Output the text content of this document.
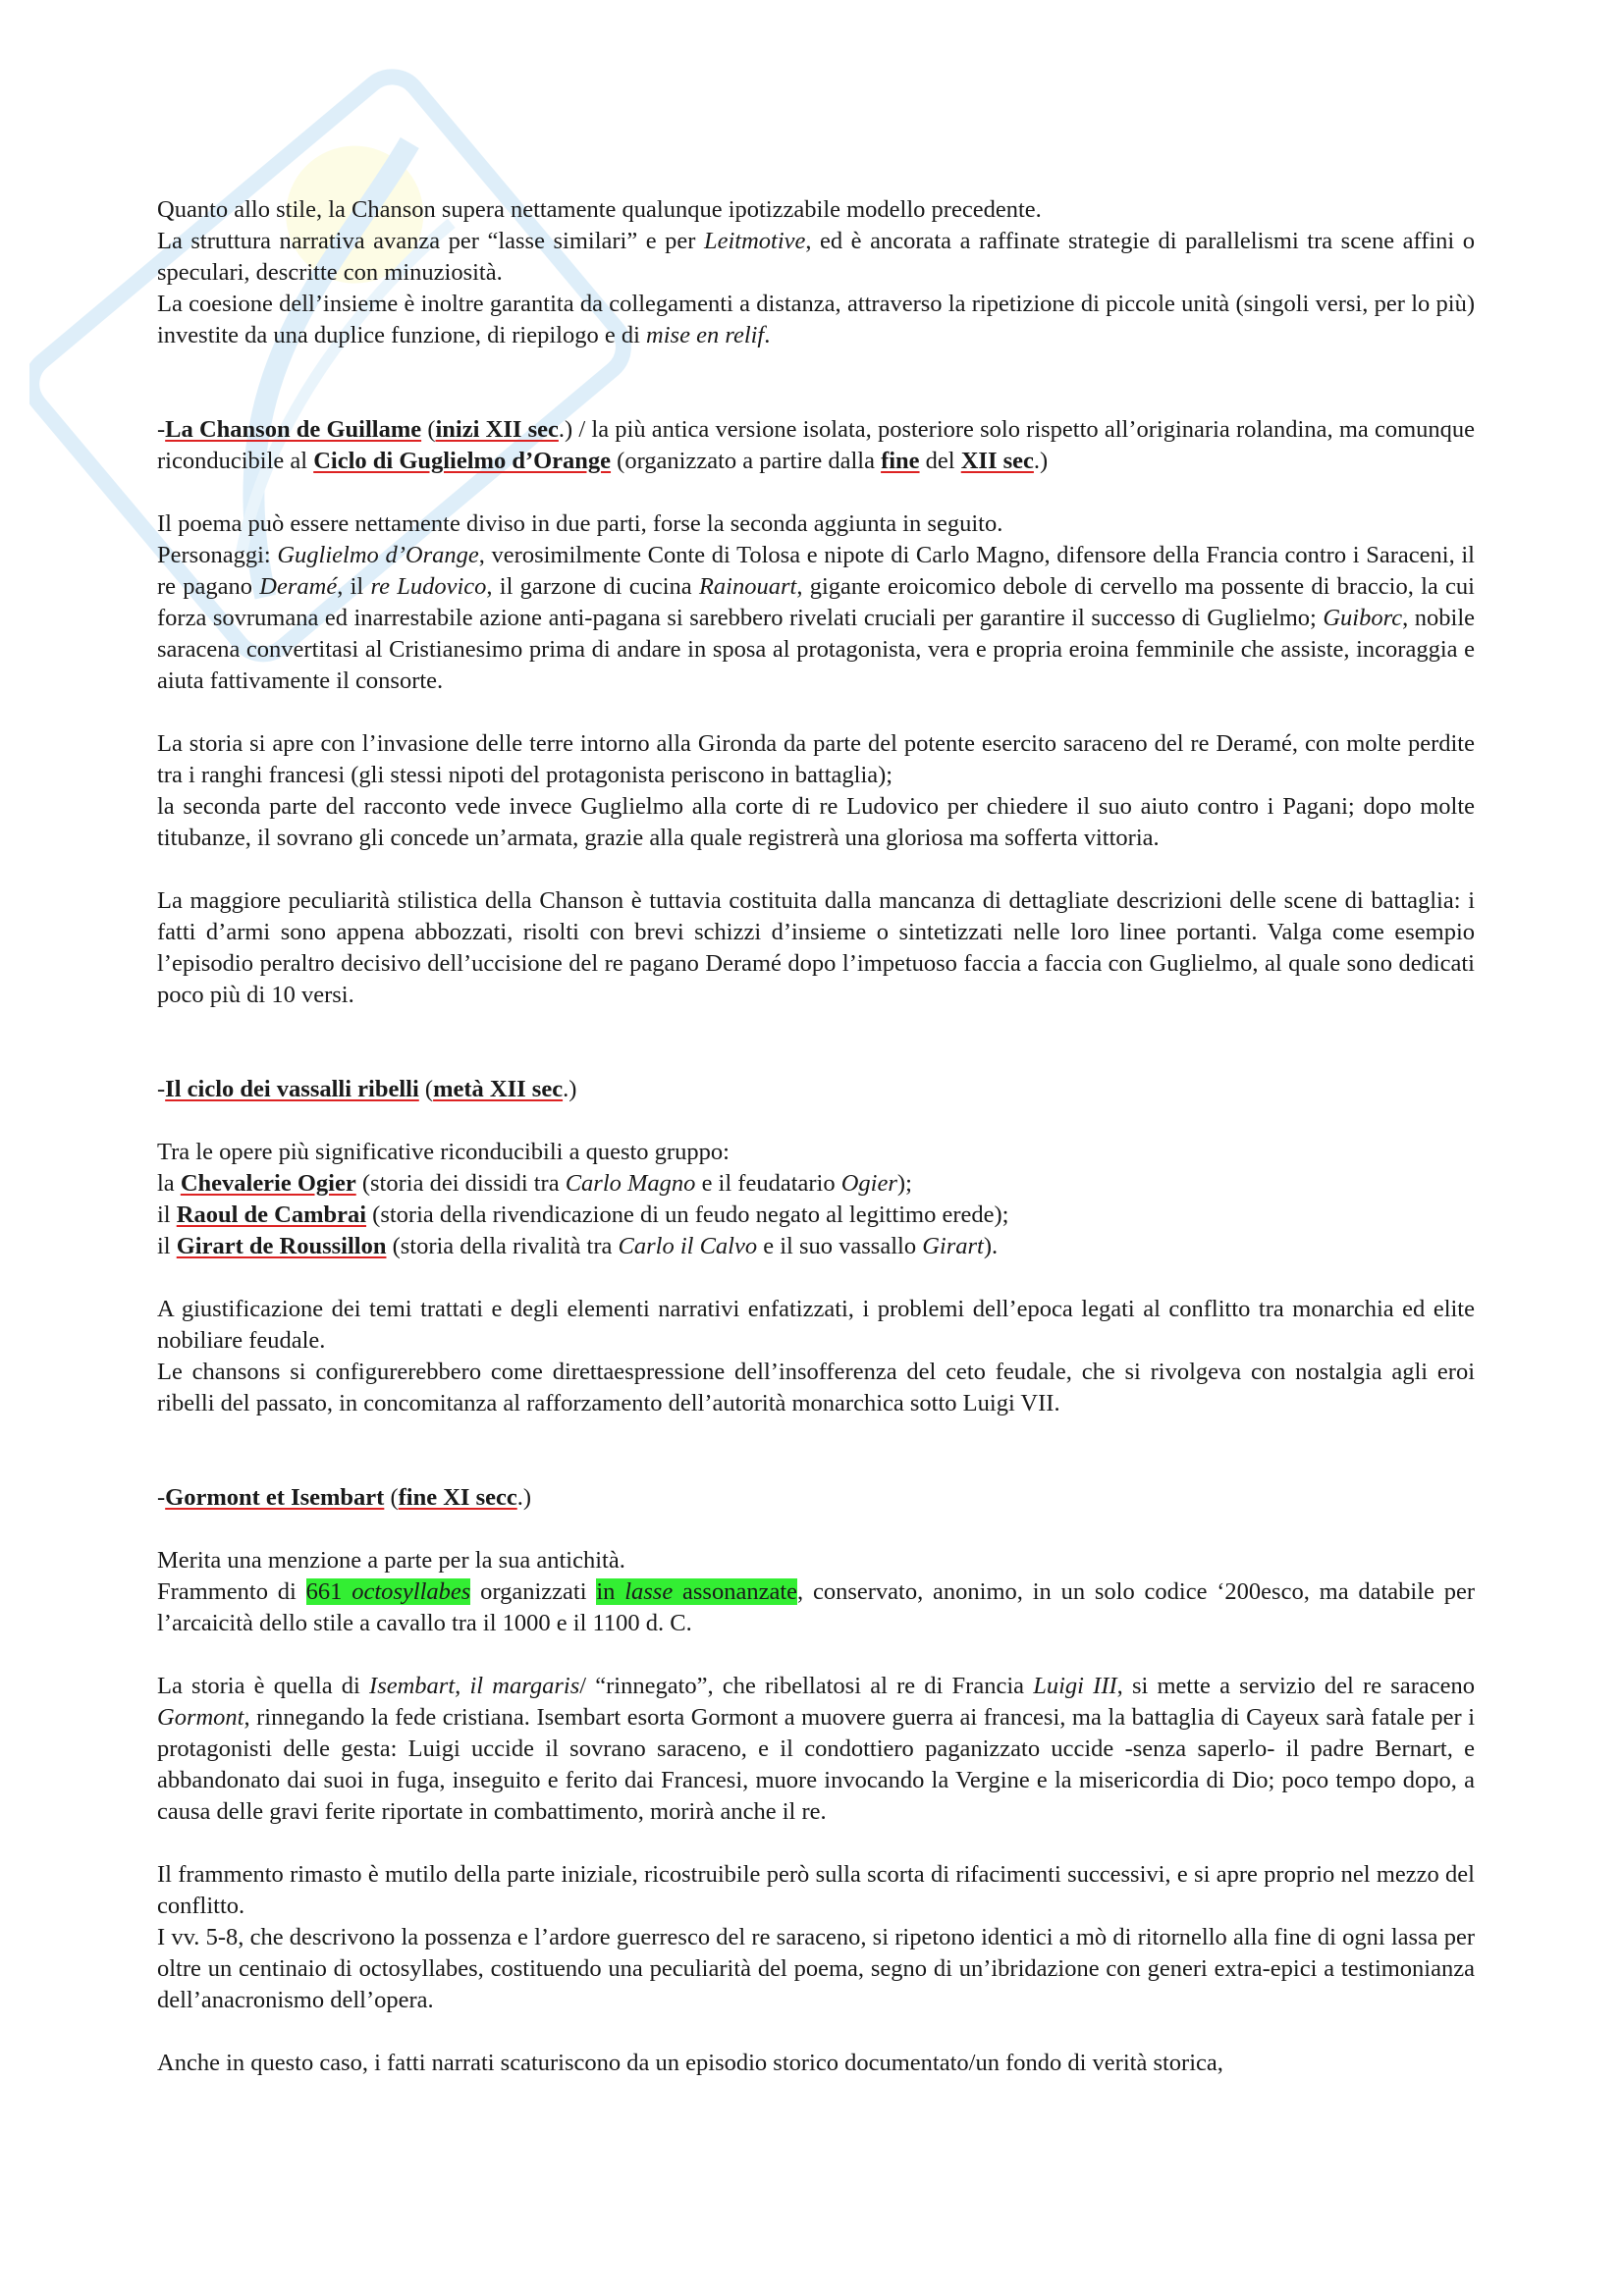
Quanto allo stile, la Chanson supera nettamente qualunque ipotizzabile modello precedente.
La struttura narrativa avanza per “lasse similari” e per Leitmotive, ed è ancorata a raffinate strategie di parallelismi tra scene affini o speculari, descritte con minuziosità.
La coesione dell’insieme è inoltre garantita da collegamenti a distanza, attraverso la ripetizione di piccole unità (singoli versi, per lo più) investite da una duplice funzione, di riepilogo e di mise en relif.

-La Chanson de Guillame (inizi XII sec.) / la più antica versione isolata, posteriore solo rispetto all’originaria rolandina, ma comunque riconducibile al Ciclo di Guglielmo d’Orange (organizzato a partire dalla fine del XII sec.)

Il poema può essere nettamente diviso in due parti, forse la seconda aggiunta in seguito.
Personaggi: Guglielmo d’Orange, verosimilmente Conte di Tolosa e nipote di Carlo Magno, difensore della Francia contro i Saraceni, il re pagano Deramé, il re Ludovico, il garzone di cucina Rainouart, gigante eroicomico debole di cervello ma possente di braccio, la cui forza sovrumana ed inarrestabile azione anti-pagana si sarebbero rivelati cruciali per garantire il successo di Guglielmo; Guiborc, nobile saracena convertitasi al Cristianesimo prima di andare in sposa al protagonista, vera e propria eroina femminile che assiste, incoraggia e aiuta fattivamente il consorte.

La storia si apre con l’invasione delle terre intorno alla Gironda da parte del potente esercito saraceno del re Deramé, con molte perdite tra i ranghi francesi (gli stessi nipoti del protagonista periscono in battaglia);
la seconda parte del racconto vede invece Guglielmo alla corte di re Ludovico per chiedere il suo aiuto contro i Pagani; dopo molte titubanze, il sovrano gli concede un’armata, grazie alla quale registrerà una gloriosa ma sofferta vittoria.

La maggiore peculiarità stilistica della Chanson è tuttavia costituita dalla mancanza di dettagliate descrizioni delle scene di battaglia: i fatti d’armi sono appena abbozzati, risolti con brevi schizzi d’insieme o sintetizzati nelle loro linee portanti. Valga come esempio l’episodio peraltro decisivo dell’uccisione del re pagano Deramé dopo l’impetuoso faccia a faccia con Guglielmo, al quale sono dedicati poco più di 10 versi.

-Il ciclo dei vassalli ribelli (metà XII sec.)

Tra le opere più significative riconducibili a questo gruppo:
la Chevalerie Ogier (storia dei dissidi tra Carlo Magno e il feudatario Ogier);
il Raoul de Cambrai (storia della rivendicazione di un feudo negato al legittimo erede);
il Girart de Roussillon (storia della rivalità tra Carlo il Calvo e il suo vassallo Girart).

A giustificazione dei temi trattati e degli elementi narrativi enfatizzati, i problemi dell’epoca legati al conflitto tra monarchia ed elite nobiliare feudale.
Le chansons si configurerebbero come direttaespressione dell’insofferenza del ceto feudale, che si rivolgeva con nostalgia agli eroi ribelli del passato, in concomitanza al rafforzamento dell’autorità monarchica sotto Luigi VII.

-Gormont et Isembart (fine XI secc.)

Merita una menzione a parte per la sua antichità.
Frammento di 661 octosyllabes organizzati in lasse assonanzate, conservato, anonimo, in un solo codice ‘200esco, ma databile per l’arcaicità dello stile a cavallo tra il 1000 e il 1100 d. C.

La storia è quella di Isembart, il margaris/ “rinnegato”, che ribellatosi al re di Francia Luigi III, si mette a servizio del re saraceno Gormont, rinnegando la fede cristiana. Isembart esorta Gormont a muovere guerra ai francesi, ma la battaglia di Cayeux sarà fatale per i protagonisti delle gesta: Luigi uccide il sovrano saraceno, e il condottiero paganizzato uccide -senza saperlo- il padre Bernart, e abbandonato dai suoi in fuga, inseguito e ferito dai Francesi, muore invocando la Vergine e la misericordia di Dio; poco tempo dopo, a causa delle gravi ferite riportate in combattimento, morirà anche il re.

Il frammento rimasto è mutilo della parte iniziale, ricostruibile però sulla scorta di rifacimenti successivi, e si apre proprio nel mezzo del conflitto.
I vv. 5-8, che descrivono la possenza e l’ardore guerresco del re saraceno, si ripetono identici a mò di ritornello alla fine di ogni lassa per oltre un centinaio di octosyllabes, costituendo una peculiarità del poema, segno di un’ibridazione con generi extra-epici a testimonianza dell’anacronismo dell’opera.

Anche in questo caso, i fatti narrati scaturiscono da un episodio storico documentato/un fondo di verità storica,
